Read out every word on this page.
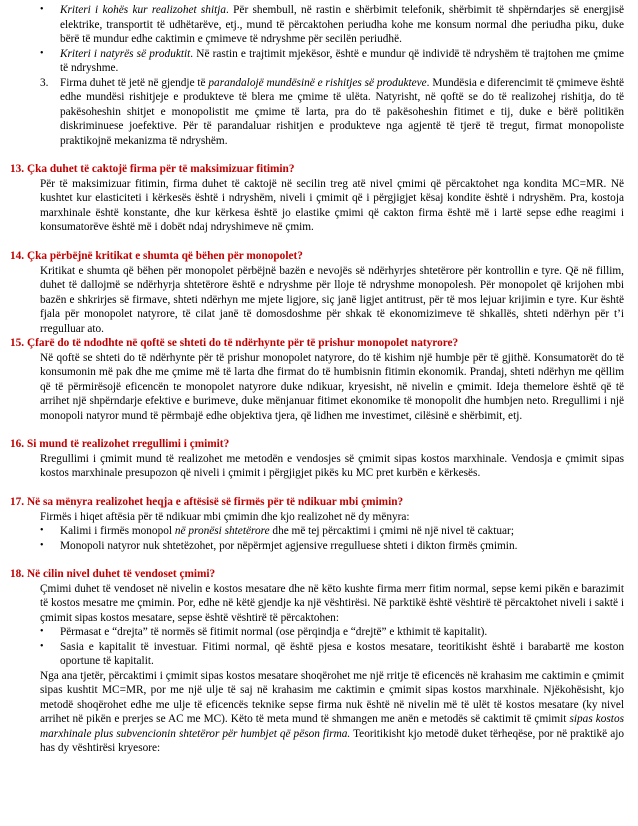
•	Kriteri i kohës kur realizohet shitja. Për shembull, në rastin e shërbimit telefonik, shërbimit të shpërndarjes së energjisë elektrike, transportit të udhëtarëve, etj., mund të përcaktohen periudha kohe me konsum normal dhe periudha piku, duke bërë të mundur edhe caktimin e çmimeve të ndryshme për secilën periudhë.

•	Kriteri i natyrës së produktit. Në rastin e trajtimit mjekësor, është e mundur që individë të ndryshëm të trajtohen me çmime të ndryshme.

3.	Firma duhet të jetë në gjendje të parandalojë mundësinë e rishitjes së produkteve. Mundësia e diferencimit të çmimeve është edhe mundësi rishitjeje e produkteve të blera me çmime të ulëta. Natyrisht, në qoftë se do të realizohej rishitja, do të pakësoheshin shitjet e monopolistit me çmime të larta, pra do të pakësoheshin fitimet e tij, duke e bërë politikën diskriminuese joefektive. Për të parandaluar rishitjen e produkteve nga agjentë të tjerë të tregut, firmat monopoliste praktikojnë mekanizma të ndryshëm.

13. Çka duhet të caktojë firma për të maksimizuar fitimin?

Për të maksimizuar fitimin, firma duhet të caktojë në secilin treg atë nivel çmimi që përcaktohet nga kondita MC=MR. Në kushtet kur elasticiteti i kërkesës është i ndryshëm, niveli i çmimit që i përgjigjet kësaj kondite është i ndryshëm. Pra, kostoja marxhinale është konstante, dhe kur kërkesa është jo elastike çmimi që cakton firma është më i lartë sepse edhe reagimi i konsumatorëve është më i dobët ndaj ndryshimeve në çmim.

14. Çka përbëjnë kritikat e shumta që bëhen për monopolet?

Kritikat e shumta që bëhen për monopolet përbëjnë bazën e nevojës së ndërhyrjes shtetërore për kontrollin e tyre. Që në fillim, duhet të dallojmë se ndërhyrja shtetërore është e ndryshme për lloje të ndryshme monopolesh. Për monopolet që krijohen mbi bazën e shkrirjes së firmave, shteti ndërhyn me mjete ligjore, siç janë ligjet antitrust, për të mos lejuar krijimin e tyre. Kur është fjala për monopolet natyrore, të cilat janë të domosdoshme për shkak të ekonomizimeve të shkallës, shteti ndërhyn për t’i rregulluar ato.

15. Çfarë do të ndodhte në qoftë se shteti do të ndërhynte për të prishur monopolet natyrore?

Në qoftë se shteti do të ndërhynte për të prishur monopolet natyrore, do të kishim një humbje për të gjithë. Konsumatorët do të konsumonin më pak dhe me çmime më të larta dhe firmat do të humbisnin fitimin ekonomik. Prandaj, shteti ndërhyn me qëllim që të përmirësojë eficencën te monopolet natyrore duke ndikuar, kryesisht, në nivelin e çmimit. Ideja themelore është që të arrihet një shpërndarje efektive e burimeve, duke mënjanuar fitimet ekonomike të monopolit dhe humbjen neto. Rregullimi i një monopoli natyror mund të përmbajë edhe objektiva tjera, që lidhen me investimet, cilësinë e shërbimit, etj.

16. Si mund të realizohet rregullimi i çmimit?

Rregullimi i çmimit mund të realizohet me metodën e vendosjes së çmimit sipas kostos marxhinale. Vendosja e çmimit sipas kostos marxhinale presupozon që niveli i çmimit i përgjigjet pikës ku MC pret kurbën e kërkesës.

17. Në sa mënyra realizohet heqja e aftësisë së firmës për të ndikuar mbi çmimin?

Firmës i hiqet aftësia për të ndikuar mbi çmimin dhe kjo realizohet në dy mënyra:

•	Kalimi i firmës monopol në pronësi shtetërore dhe më tej përcaktimi i çmimi në një nivel të caktuar;

•	Monopoli natyror nuk shtetëzohet, por nëpërmjet agjensive rregulluese shteti i dikton firmës çmimin.

18. Në cilin nivel duhet të vendoset çmimi?

Çmimi duhet të vendoset në nivelin e kostos mesatare dhe në këto kushte firma merr fitim normal, sepse kemi pikën e barazimit të kostos mesatre me çmimin. Por, edhe në këtë gjendje ka një vështirësi. Në parktikë është vështirë të përcaktohet niveli i saktë i çmimit sipas kostos mesatare, sepse është vështirë të përcaktohen:

•	Përmasat e “drejta” të normës së fitimit normal (ose përqindja e “drejtë” e kthimit të kapitalit).

•	Sasia e kapitalit të investuar. Fitimi normal, që është pjesa e kostos mesatare, teoritikisht është i barabartë me koston oportune të kapitalit.

Nga ana tjetër, përcaktimi i çmimit sipas kostos mesatare shoqërohet me një rritje të eficencës në krahasim me caktimin e çmimit sipas kushtit MC=MR, por me një ulje të saj në krahasim me caktimin e çmimit sipas kostos marxhinale. Njëkohësisht, kjo metodë shoqërohet edhe me ulje të eficencës teknike sepse firma nuk është në nivelin më të ulët të kostos mesatare (ky nivel arrihet në pikën e prerjes se AC me MC). Këto të meta mund të shmangen me anën e metodës së caktimit të çmimit sipas kostos marxhinale plus subvencionin shtetëror për humbjet që pëson firma. Teoritikisht kjo metodë duket tërheqëse, por në praktikë ajo has dy vështirësi kryesore:
